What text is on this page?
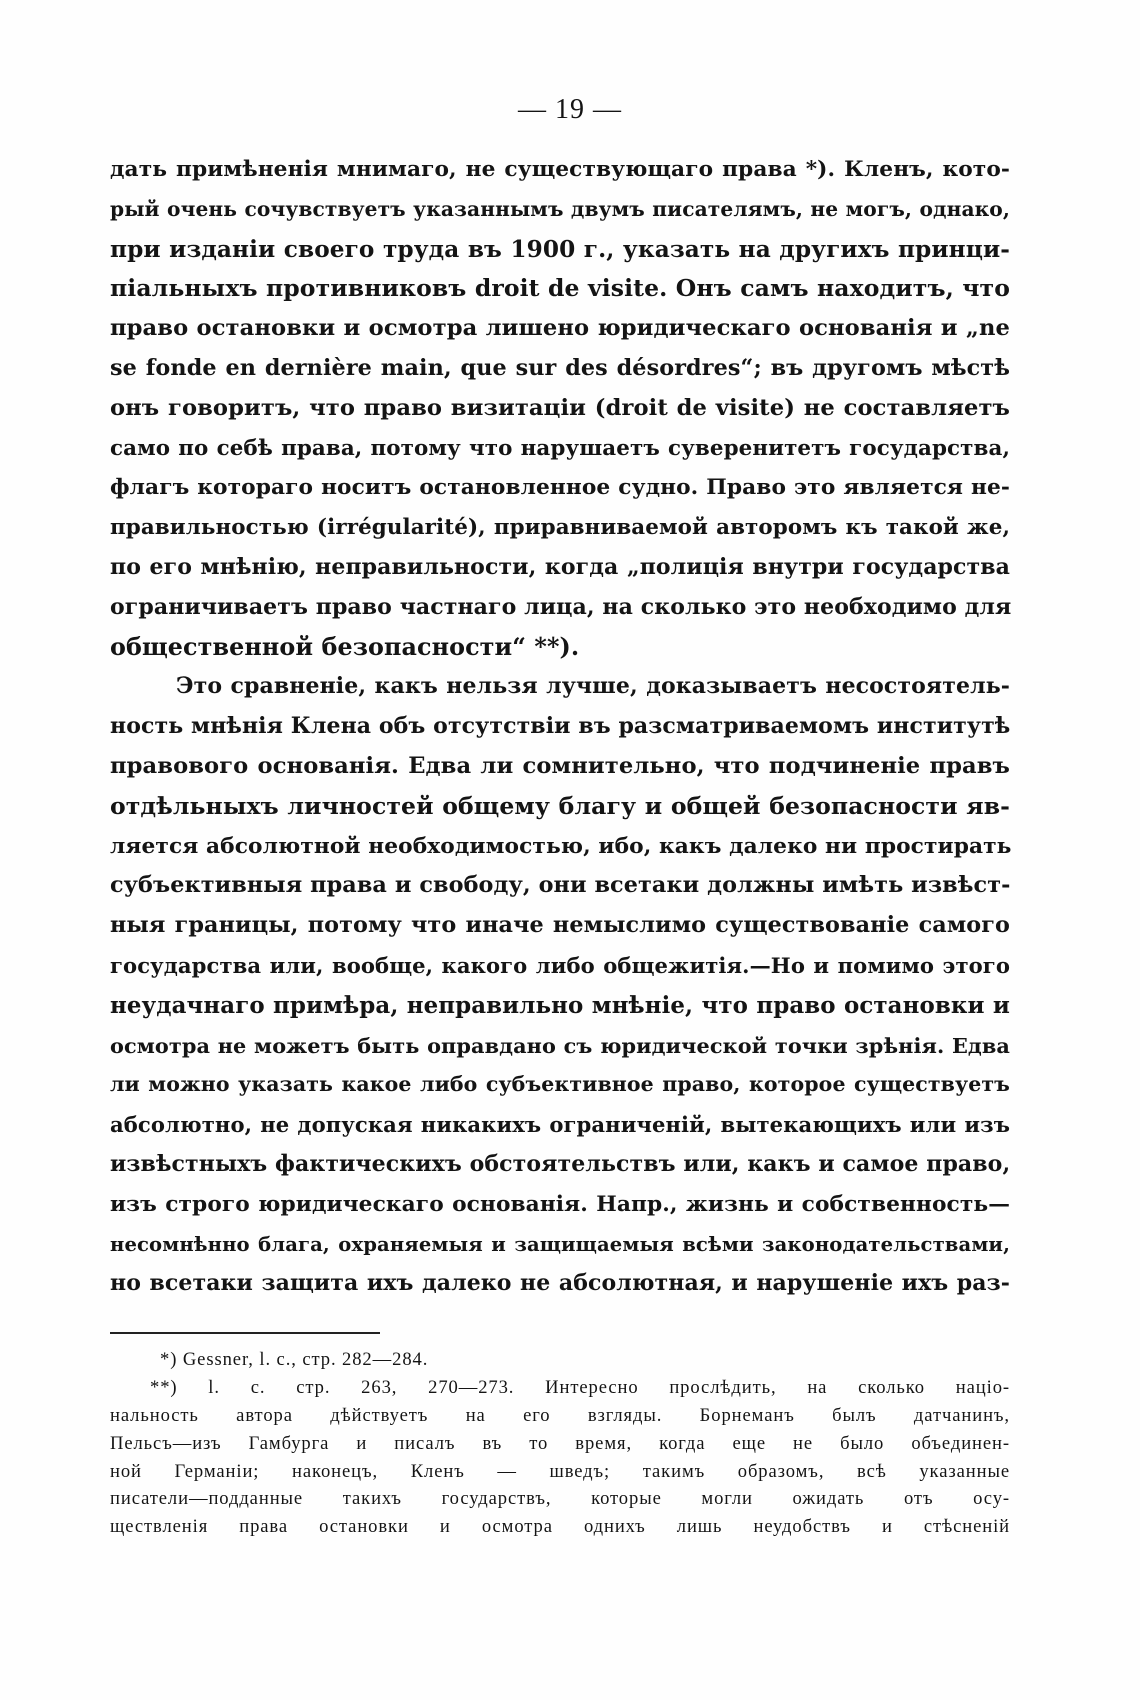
— 19 —
дать примѣненія мнимаго, не существующаго права *). Кленъ, кото-
рый очень сочувствуетъ указаннымъ двумъ писателямъ, не могъ, однако,
при изданіи своего труда въ 1900 г., указать на другихъ принци-
піальныхъ противниковъ droit de visite. Онъ самъ находитъ, что
право остановки и осмотра лишено юридическаго основанія и „ne
se fonde en dernière main, que sur des désordres“; въ другомъ мѣстѣ
онъ говоритъ, что право визитаціи (droit de visite) не составляетъ
само по себѣ права, потому что нарушаетъ суверенитетъ государства,
флагъ котораго носитъ остановленное судно. Право это является не-
правильностью (irrégularité), приравниваемой авторомъ къ такой же,
по его мнѣнію, неправильности, когда „полиція внутри государства
ограничиваетъ право частнаго лица, на сколько это необходимо для
общественной безопасности“ **).
Это сравненіе, какъ нельзя лучше, доказываетъ несостоятель-
ность мнѣнія Клена объ отсутствіи въ разсматриваемомъ институтѣ
правового основанія. Едва ли сомнительно, что подчиненіе правъ
отдѣльныхъ личностей общему благу и общей безопасности яв-
ляется абсолютной необходимостью, ибо, какъ далеко ни простирать
субъективныя права и свободу, они всетаки должны имѣть извѣст-
ныя границы, потому что иначе немыслимо существованіе самого
государства или, вообще, какого либо общежитія.—Но и помимо этого
неудачнаго примѣра, неправильно мнѣніе, что право остановки и
осмотра не можетъ быть оправдано съ юридической точки зрѣнія. Едва
ли можно указать какое либо субъективное право, которое существуетъ
абсолютно, не допуская никакихъ ограниченій, вытекающихъ или изъ
извѣстныхъ фактическихъ обстоятельствъ или, какъ и самое право,
изъ строго юридическаго основанія. Напр., жизнь и собственность—
несомнѣнно блага, охраняемыя и защищаемыя всѣми законодательствами,
но всетаки защита ихъ далеко не абсолютная, и нарушеніе ихъ раз-
*) Gessner, l. c., стр. 282—284.
**) l. c. стр. 263, 270—273. Интересно прослѣдить, на сколько націо-
нальность автора дѣйствуетъ на его взгляды. Борнеманъ былъ датчанинъ,
Пельсъ—изъ Гамбурга и писалъ въ то время, когда еще не было объединен-
ной Германіи; наконецъ, Кленъ — шведъ; такимъ образомъ, всѣ указанные
писатели—подданные такихъ государствъ, которые могли ожидать отъ осу-
ществленія права остановки и осмотра однихъ лишь неудобствъ и стѣсненій
